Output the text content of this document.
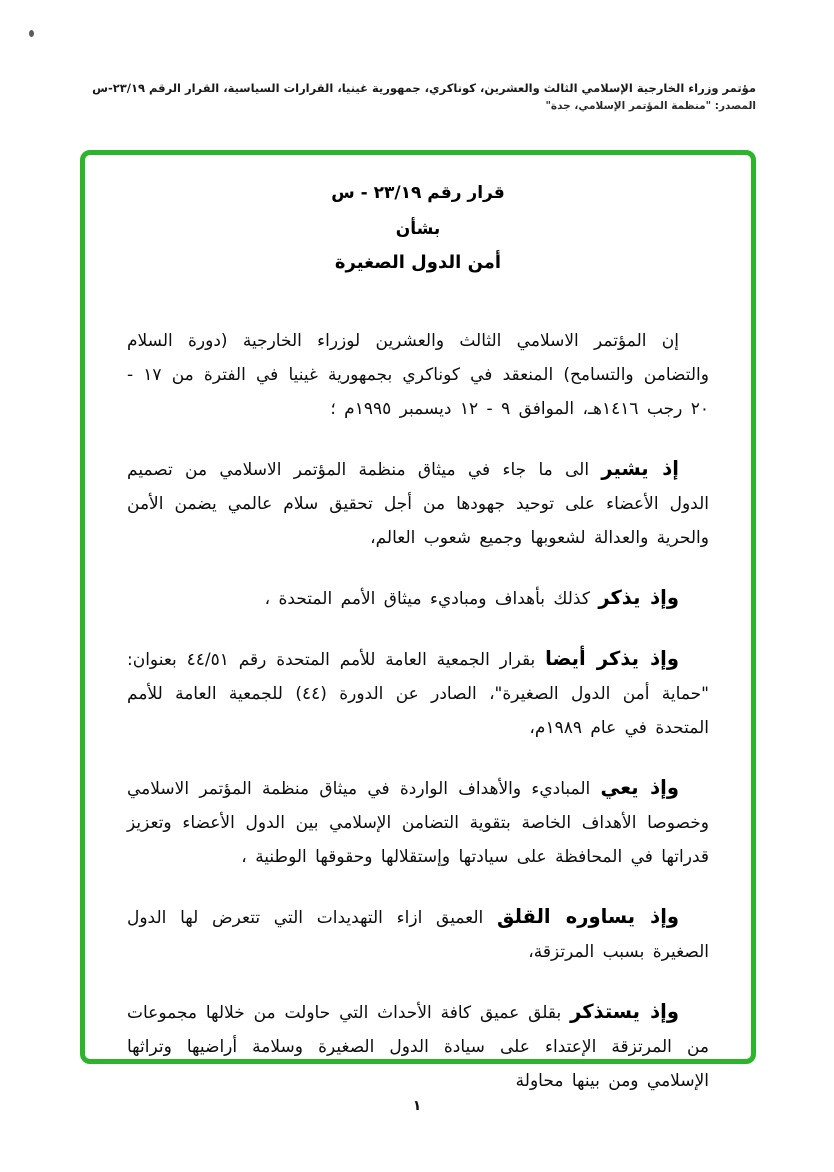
مؤتمر وزراء الخارجية الإسلامي الثالث والعشرين، كوناكري، جمهورية غينيا، القرارات السياسية، القرار الرقم ٢٣/١٩-س
المصدر: "منظمة المؤتمر الإسلامي، جدة"
قرار رقم ٢٣/١٩ - س
بشأن
أمن الدول الصغيرة

إن المؤتمر الاسلامي الثالث والعشرين لوزراء الخارجية (دورة السلام والتضامن والتسامح) المنعقد في كوناكري بجمهورية غينيا في الفترة من ١٧ - ٢٠ رجب ١٤١٦هـ، الموافق ٩ - ١٢ ديسمبر ١٩٩٥م ؛

إذ يشير الى ما جاء في ميثاق منظمة المؤتمر الاسلامي من تصميم الدول الأعضاء على توحيد جهودها من أجل تحقيق سلام عالمي يضمن الأمن والحرية والعدالة لشعوبها وجميع شعوب العالم،

وإذ يذكر كذلك بأهداف ومباديء ميثاق الأمم المتحدة ،

وإذ يذكر أيضا بقرار الجمعية العامة للأمم المتحدة رقم ٤٤/٥١ بعنوان: "حماية أمن الدول الصغيرة"، الصادر عن الدورة (٤٤) للجمعية العامة للأمم المتحدة في عام ١٩٨٩م،

وإذ يعي المباديء والأهداف الواردة في ميثاق منظمة المؤتمر الاسلامي وخصوصا الأهداف الخاصة بتقوية التضامن الإسلامي بين الدول الأعضاء وتعزيز قدراتها في المحافظة على سيادتها وإستقلالها وحقوقها الوطنية ،

وإذ يساوره القلق العميق ازاء التهديدات التي تتعرض لها الدول الصغيرة بسبب المرتزقة،

وإذ يستذكر بقلق عميق كافة الأحداث التي حاولت من خلالها مجموعات من المرتزقة الإعتداء على سيادة الدول الصغيرة وسلامة أراضيها وتراثها الإسلامي ومن بينها محاولة

١
